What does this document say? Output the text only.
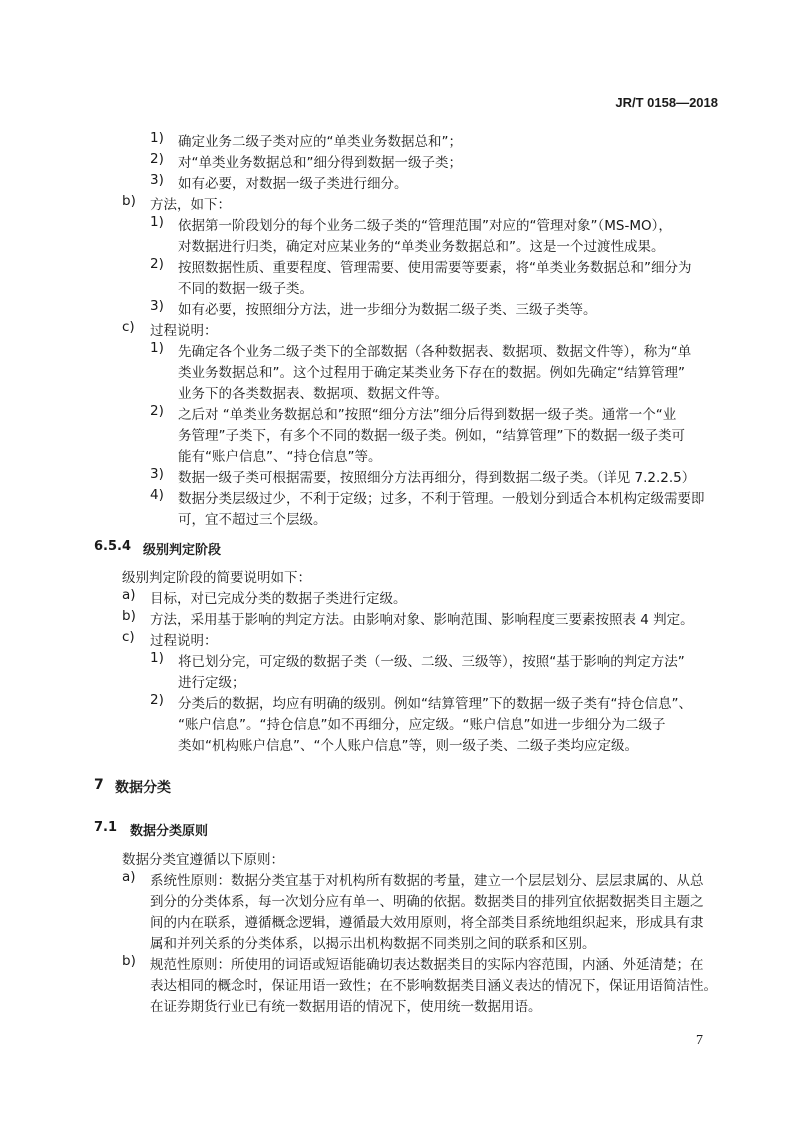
JR/T 0158—2018
1) 确定业务二级子类对应的“单类业务数据总和”；
2) 对“单类业务数据总和”细分得到数据一级子类；
3) 如有必要，对数据一级子类进行细分。
b) 方法，如下：
1) 依据第一阶段划分的每个业务二级子类的“管理范围”对应的“管理对象”（MS-MO），
对数据进行归类，确定对应某业务的“单类业务数据总和”。这是一个过渡性成果。
2) 按照数据性质、重要程度、管理需要、使用需要等要素，将“单类业务数据总和”细分为
不同的数据一级子类。
3) 如有必要，按照细分方法，进一步细分为数据二级子类、三级子类等。
c) 过程说明：
1) 先确定各个业务二级子类下的全部数据（各种数据表、数据项、数据文件等），称为“单
类业务数据总和”。这个过程用于确定某类业务下存在的数据。例如先确定“结算管理”
业务下的各类数据表、数据项、数据文件等。
2) 之后对 “单类业务数据总和”按照“细分方法”细分后得到数据一级子类。通常一个“业
务管理”子类下，有多个不同的数据一级子类。例如，“结算管理”下的数据一级子类可
能有“账户信息”、“持仓信息”等。
3) 数据一级子类可根据需要，按照细分方法再细分，得到数据二级子类。（详见 7.2.2.5）
4) 数据分类层级过少，不利于定级；过多，不利于管理。一般划分到适合本机构定级需要即
可，宜不超过三个层级。
6.5.4 级别判定阶段
级别判定阶段的简要说明如下：
a) 目标，对已完成分类的数据子类进行定级。
b) 方法，采用基于影响的判定方法。由影响对象、影响范围、影响程度三要素按照表 4 判定。
c) 过程说明：
1) 将已划分完，可定级的数据子类（一级、二级、三级等），按照“基于影响的判定方法”
进行定级；
2) 分类后的数据，均应有明确的级别。例如“结算管理”下的数据一级子类有“持仓信息”、
“账户信息”。“持仓信息”如不再细分，应定级。“账户信息”如进一步细分为二级子
类如“机构账户信息”、“个人账户信息”等，则一级子类、二级子类均应定级。
7 数据分类
7.1 数据分类原则
数据分类宜遵循以下原则：
a) 系统性原则：数据分类宜基于对机构所有数据的考量，建立一个层层划分、层层隶属的、从总
到分的分类体系，每一次划分应有单一、明确的依据。数据类目的排列宜依据数据类目主题之
间的内在联系，遵循概念逻辑，遵循最大效用原则，将全部类目系统地组织起来，形成具有隶
属和并列关系的分类体系，以揭示出机构数据不同类别之间的联系和区别。
b) 规范性原则：所使用的词语或短语能确切表达数据类目的实际内容范围，内涵、外延清楚；在
表达相同的概念时，保证用语一致性；在不影响数据类目涵义表达的情况下，保证用语简洁性。
在证券期货行业已有统一数据用语的情况下，使用统一数据用语。
7
